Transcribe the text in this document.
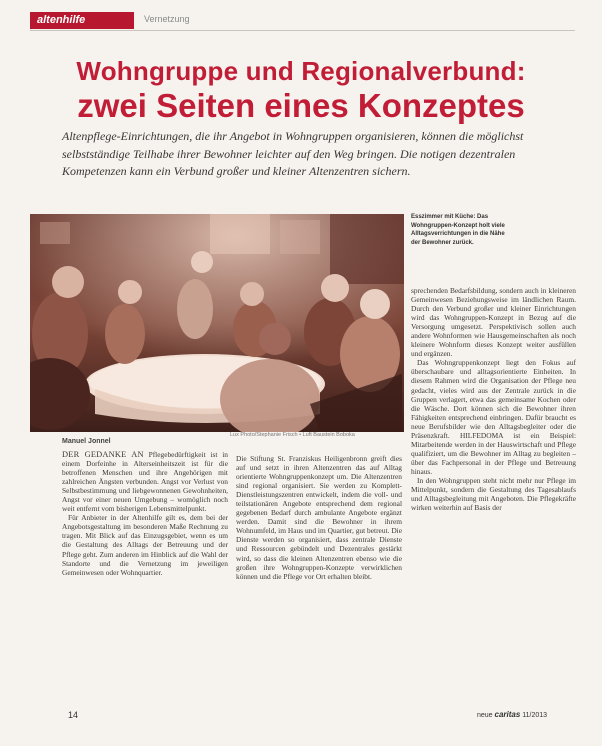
altenhilfe	Vernetzung
Wohngruppe und Regionalverbund:
zwei Seiten eines Konzeptes
Altenpflege-Einrichtungen, die ihr Angebot in Wohngruppen organisieren, können die möglichst selbstständige Teilhabe ihrer Bewohner leichter auf den Weg bringen. Die notigen dezentralen Kompetenzen kann ein Verbund großer und kleiner Altenzentren sichern.
Lux Photo/Stephanie Frisch • Luft Baustein Boboka
Esszimmer mit Küche: Das Wohngruppen-Konzept holt viele Alltagsverrichtungen in die Nähe der Bewohner zurück.
Manuel Jonnel

DER GEDANKE AN Pflegebedürftigkeit ist in einem Dorfeinhe in Alterseinheitszeit ist für die betroffenen Menschen und ihre Angehörigen mit zahlreichen Ängsten verbunden. Angst vor Verlust von Selbstbestimmung und liebgewonnenen Gewohnheiten, Angst vor einer neuen Umgebung – womöglich noch weit entfernt vom bisherigen Lebensmittelpunkt.

Für Anbieter in der Altenhilfe gilt es, dem bei der Angebotsgestaltung im besonderen Maße Rechnung zu tragen. Mit Blick auf das Einzugsgebiet, wenn es um die Gestaltung des Alltags der Betreuung und der Pflege geht. Zum anderen im Hinblick auf die Wahl der Standorte und die Vernetzung im jeweiligen Gemeinwesen oder Wohnquartier.

Die Stiftung St. Franziskus Heiligenbronn greift dies auf und setzt in ihren Altenzentren das auf Alltag orientierte Wohngruppenkonzept um. Die Altenzentren sind regional organisiert. Sie werden zu Komplett-Dienstleistungszentren entwickelt, indem die voll- und teilstationären Angebote entsprechend dem regional gegebenen Bedarf durch ambulante Angebote ergänzt werden. Damit sind die Bewohner in ihrem Wohnumfeld, im Haus und im Quartier, gut betreut. Die Dienste werden so organisiert, dass zentrale Dienste und Ressourcen gebündelt und Dezentrales gestärkt wird, so dass die kleinen Altenzentren ebenso wie die großen ihre Wohngruppen-Konzepte verwirklichen können und die Pflege vor Ort erhalten bleibt.

sprechenden Bedarfsbildung, sondern auch in kleineren Gemeinwesen Beziehungsweise im ländlichen Raum. Durch den Verbund großer und kleiner Einrichtungen wird das Wohngruppen-Konzept in Bezug auf die Versorgung umgesetzt. Perspektivisch sollen auch andere Wohnformen wie Hausgemeinschaften als noch kleinere Wohnform dieses Konzept weiter ausfüllen und ergänzen.

Das Wohngruppenkonzept liegt den Fokus auf überschaubare und alltagsorientierte Einheiten. In diesem Rahmen wird die Organisation der Pflege neu gedacht, vieles wird aus der Zentrale zurück in die Gruppen verlagert, etwa das gemeinsame Kochen oder die Wäsche. Dort können sich die Bewohner ihren Fähigkeiten entsprechend einbringen. Dafür braucht es neue Berufsbilder wie den Alltagsbegleiter oder die Präsenzkraft. HILFEDOMA ist ein Beispiel: Mitarbeitende werden in der Hauswirtschaft und Pflege qualifiziert, um die Bewohner im Alltag zu begleiten – über das Fachpersonal in der Pflege und Betreuung hinaus.

In den Wohngruppen steht nicht mehr nur Pflege im Mittelpunkt, sondern die Gestaltung des Tagesablaufs und Alltagsbegleitung mit Angeboten. Die Pflegekräfte wirken weiterhin auf Basis der

14	neue caritas 11/2013
